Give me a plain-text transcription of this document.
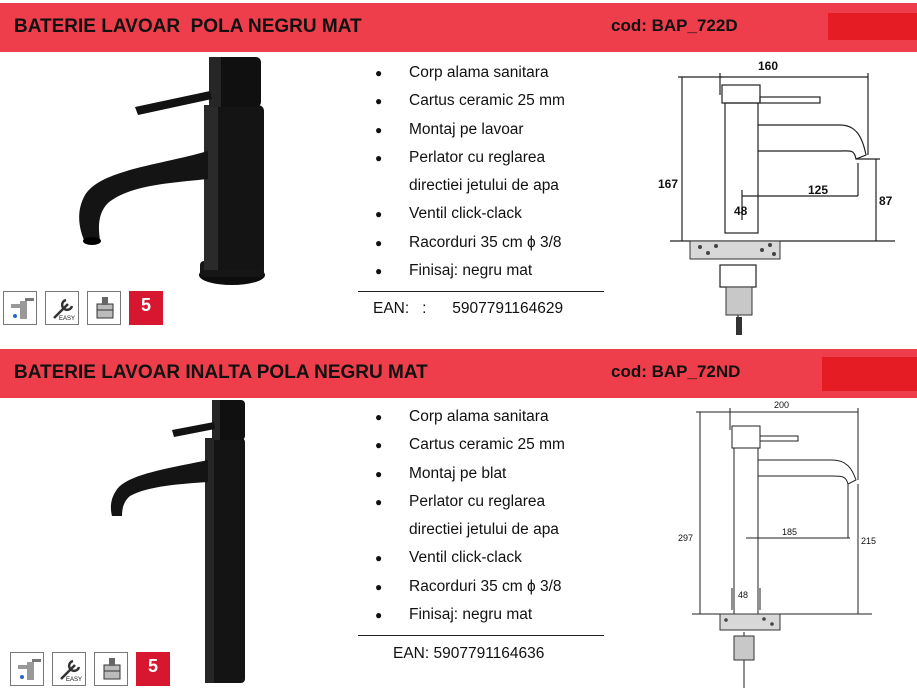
BATERIE LAVOAR  POLA NEGRU MAT	cod: BAP_722D
● Corp alama sanitara
● Cartus ceramic 25 mm
● Montaj pe lavoar
● Perlator cu reglarea
directiei jetului de apa
● Ventil click-clack
● Racorduri 35 cm ϕ 3/8
● Finisaj: negru mat
EAN:   :      5907791164629
160
167	125
48
87
EASY
5
BATERIE LAVOAR INALTA POLA NEGRU MAT	cod: BAP_72ND
● Corp alama sanitara
● Cartus ceramic 25 mm
● Montaj pe blat
● Perlator cu reglarea
directiei jetului de apa
● Ventil click-clack
● Racorduri 35 cm ϕ 3/8
● Finisaj: negru mat
EAN: 5907791164636
200
297
185
48
215
EASY
5
